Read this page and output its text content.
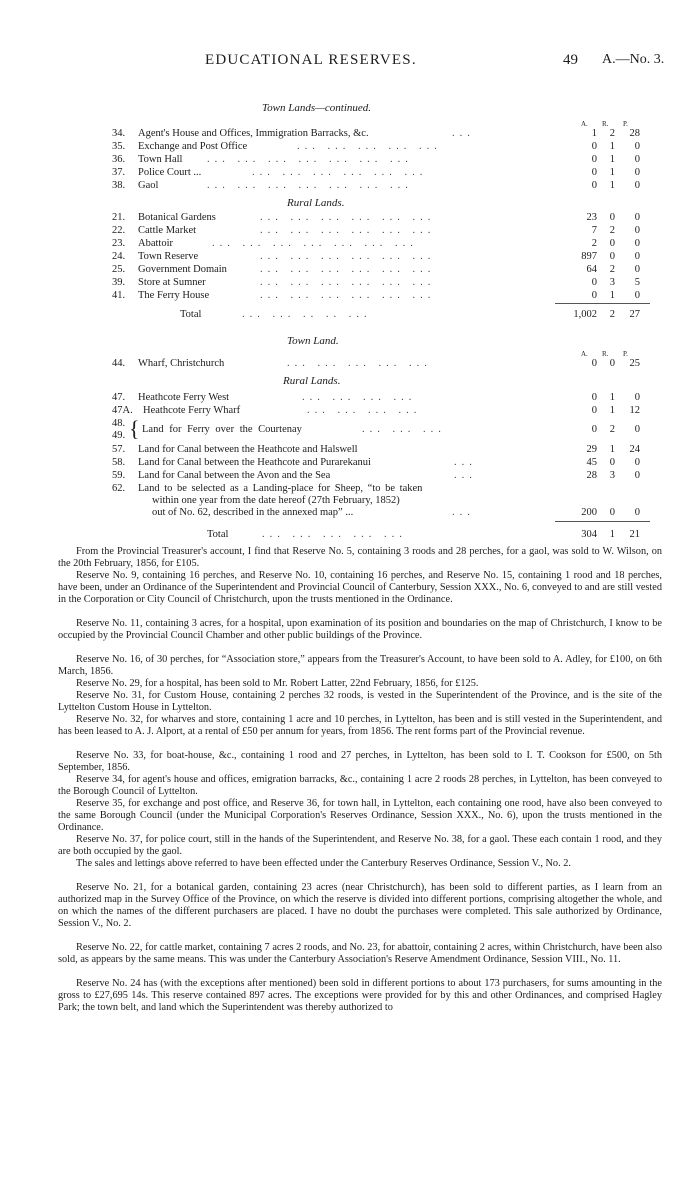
EDUCATIONAL RESERVES.	49 A.—No. 3.
Town Lands—continued.
A. R. P.
34. Agent's House and Offices, Immigration Barracks, &c.	...	1	2	28
35. Exchange and Post Office	... ... ... ... ...	0	1	0
36. Town Hall ... ... ... ... ... ... ...	0	1	0
37. Police Court ...	... ... ... ... ... ...	0	1	0
38. Gaol	... ... ... ... ... ... ...	0	1	0
Rural Lands.
21. Botanical Gardens	... ... ... ... ... ...	23	0	0
22. Cattle Market	... ... ... ... ... ...	7	2	0
23. Abattoir	... ... ... ... ... ... ...	2	0	0
24. Town Reserve	... ... ... ... ... ...	897	0	0
25. Government Domain	... ... ... ... ... ...	64	2	0
39. Store at Sumner	... ... ... ... ... ...	0	3	5
41. The Ferry House	... ... ... ... ... ...	0	1	0
Total	... ... .. .. ...	1,002	2	27
Town Land.
A. R. P.
44. Wharf, Christchurch	... ... ... ... ...	0	0	25
Rural Lands.
47. Heathcote Ferry West	... ... ... ...	0	1	0
47A. Heathcote Ferry Wharf	... ... ... ...	0	1	12
48.
49. { Land for Ferry over the Courtenay	... ... ...	0	2	0
57. Land for Canal between the Heathcote and Halswell	29	1	24
58. Land for Canal between the Heathcote and Purarekanui	...	45	0	0
59. Land for Canal between the Avon and the Sea	...	28	3	0
62. Land to be selected as a Landing-place for Sheep, “to be taken
within one year from the date hereof (27th February, 1852)
out of No. 62, described in the annexed map” ...	...	200	0	0
Total	... ... ... ... ...	304	1	21

From the Provincial Treasurer's account, I find that Reserve No. 5, containing 3 roods and 28 perches, for a gaol, was sold to W. Wilson, on the 20th February, 1856, for £105.

Reserve No. 9, containing 16 perches, and Reserve No. 10, containing 16 perches, and Reserve No. 15, containing 1 rood and 18 perches, have been, under an Ordinance of the Superintendent and Provincial Council of Canterbury, Session XXX., No. 6, conveyed to and are still vested in the Corporation or City Council of Christchurch, upon the trusts mentioned in the Ordinance.

Reserve No. 11, containing 3 acres, for a hospital, upon examination of its position and boundaries on the map of Christchurch, I know to be occupied by the Provincial Council Chamber and other public buildings of the Province.

Reserve No. 16, of 30 perches, for “Association store,” appears from the Treasurer's Account, to have been sold to A. Adley, for £100, on 6th March, 1856.

Reserve No. 29, for a hospital, has been sold to Mr. Robert Latter, 22nd February, 1856, for £125.

Reserve No. 31, for Custom House, containing 2 perches 32 roods, is vested in the Superintendent of the Province, and is the site of the Lyttelton Custom House in Lyttelton.

Reserve No. 32, for wharves and store, containing 1 acre and 10 perches, in Lyttelton, has been and is still vested in the Superintendent, and has been leased to A. J. Alport, at a rental of £50 per annum for years, from 1856. The rent forms part of the Provincial revenue.

Reserve No. 33, for boat-house, &c., containing 1 rood and 27 perches, in Lyttelton, has been sold to I. T. Cookson for £500, on 5th September, 1856.

Reserve 34, for agent's house and offices, emigration barracks, &c., containing 1 acre 2 roods 28 perches, in Lyttelton, has been conveyed to the Borough Council of Lyttelton.

Reserve 35, for exchange and post office, and Reserve 36, for town hall, in Lyttelton, each containing one rood, have also been conveyed to the same Borough Council (under the Municipal Corporation's Reserves Ordinance, Session XXX., No. 6), upon the trusts mentioned in the Ordinance.

Reserve No. 37, for police court, still in the hands of the Superintendent, and Reserve No. 38, for a gaol. These each contain 1 rood, and they are both occupied by the gaol.

The sales and lettings above referred to have been effected under the Canterbury Reserves Ordinance, Session V., No. 2.

Reserve No. 21, for a botanical garden, containing 23 acres (near Christchurch), has been sold to different parties, as I learn from an authorized map in the Survey Office of the Province, on which the reserve is divided into different portions, comprising altogether the whole, and on which the names of the different purchasers are placed. I have no doubt the purchases were completed. This sale authorized by Ordinance, Session V., No. 2.

Reserve No. 22, for cattle market, containing 7 acres 2 roods, and No. 23, for abattoir, containing 2 acres, within Christchurch, have been also sold, as appears by the same means. This was under the Canterbury Association's Reserve Amendment Ordinance, Session VIII., No. 11.

Reserve No. 24 has (with the exceptions after mentioned) been sold in different portions to about 173 purchasers, for sums amounting in the gross to £27,695 14s. This reserve contained 897 acres. The exceptions were provided for by this and other Ordinances, and comprised Hagley Park; the town belt, and land which the Superintendent was thereby authorized to
